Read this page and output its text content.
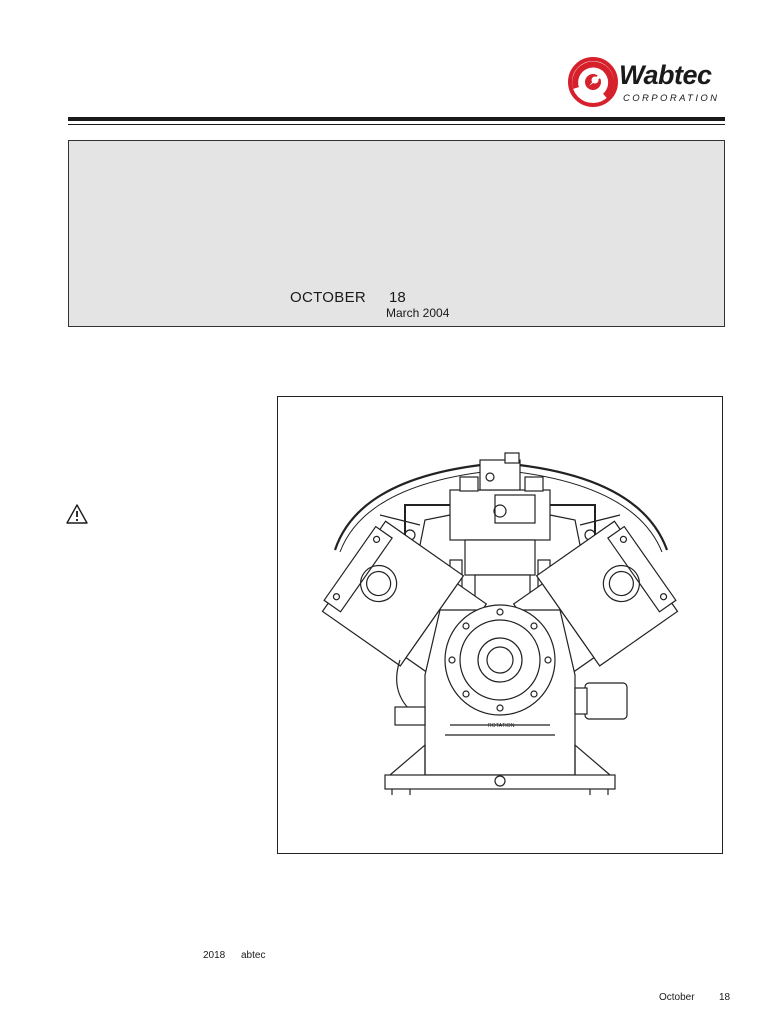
Wabtec
CORPORATION
OCTOBER 18
March 2004
ROTATION
2018 abtec
October 18
